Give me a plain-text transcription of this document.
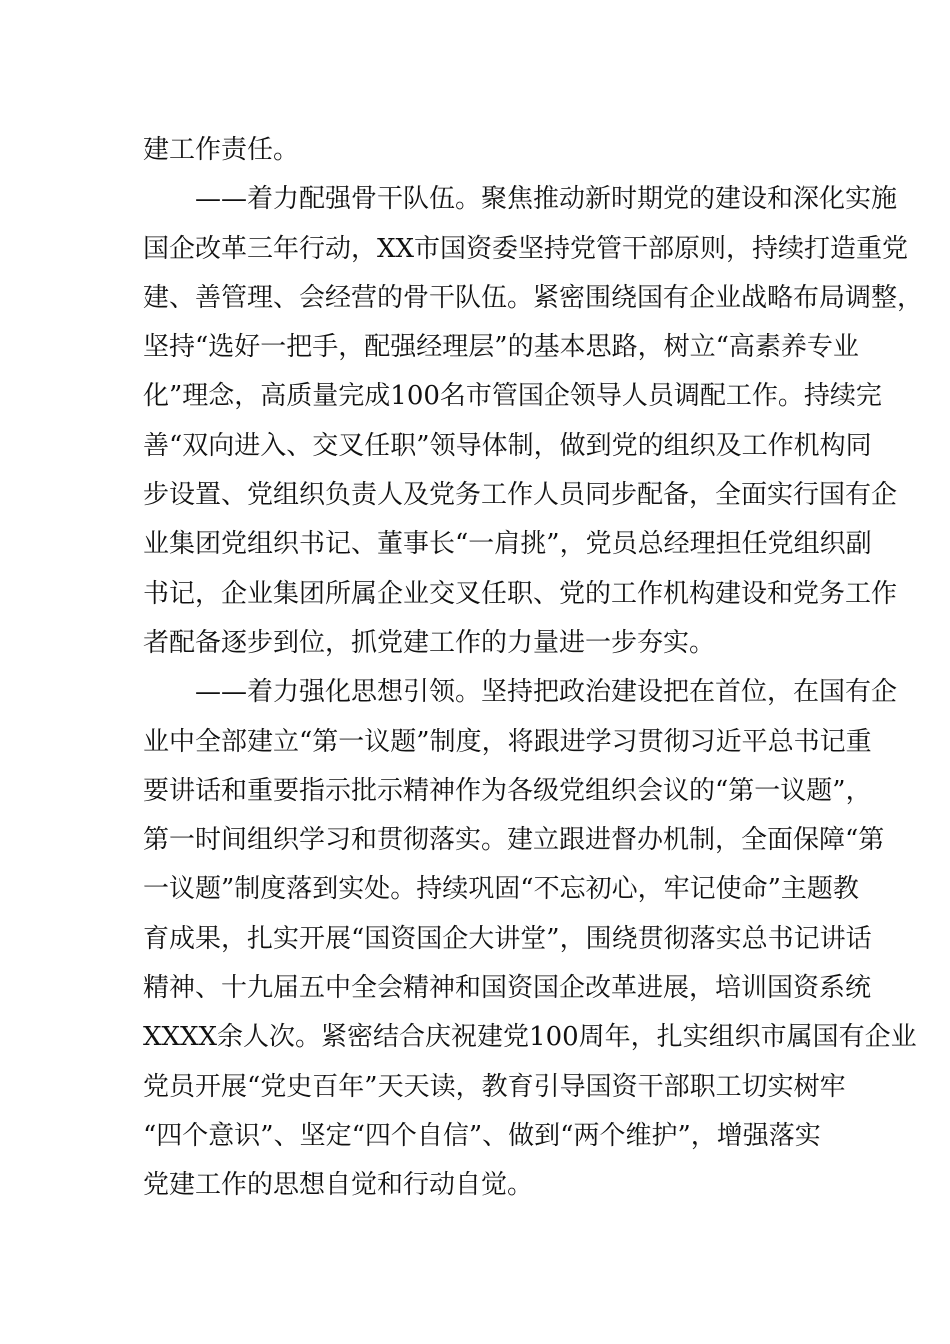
建工作责任。
——着力配强骨干队伍。聚焦推动新时期党的建设和深化实施
国企改革三年行动，XX市国资委坚持党管干部原则，持续打造重党
建、善管理、会经营的骨干队伍。紧密围绕国有企业战略布局调整，
坚持“选好一把手，配强经理层”的基本思路，树立“高素养专业
化”理念，高质量完成100名市管国企领导人员调配工作。持续完
善“双向进入、交叉任职”领导体制，做到党的组织及工作机构同
步设置、党组织负责人及党务工作人员同步配备，全面实行国有企
业集团党组织书记、董事长“一肩挑”，党员总经理担任党组织副
书记，企业集团所属企业交叉任职、党的工作机构建设和党务工作
者配备逐步到位，抓党建工作的力量进一步夯实。
——着力强化思想引领。坚持把政治建设把在首位，在国有企
业中全部建立“第一议题”制度，将跟进学习贯彻习近平总书记重
要讲话和重要指示批示精神作为各级党组织会议的“第一议题”，
第一时间组织学习和贯彻落实。建立跟进督办机制，全面保障“第
一议题”制度落到实处。持续巩固“不忘初心，牢记使命”主题教
育成果，扎实开展“国资国企大讲堂”，围绕贯彻落实总书记讲话
精神、十九届五中全会精神和国资国企改革进展，培训国资系统
XXXX余人次。紧密结合庆祝建党100周年，扎实组织市属国有企业
党员开展“党史百年”天天读，教育引导国资干部职工切实树牢
“四个意识”、坚定“四个自信”、做到“两个维护”，增强落实
党建工作的思想自觉和行动自觉。
